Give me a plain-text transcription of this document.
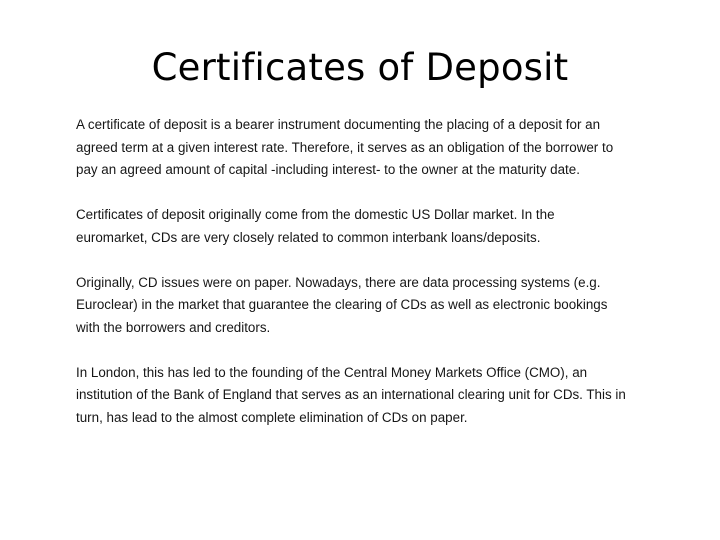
Certificates of Deposit

A certificate of deposit is a bearer instrument documenting the placing of a deposit for an
agreed term at a given interest rate. Therefore, it serves as an obligation of the borrower to
pay an agreed amount of capital -including interest- to the owner at the maturity date.

Certificates of deposit originally come from the domestic US Dollar market. In the
euromarket, CDs are very closely related to common interbank loans/deposits.

Originally, CD issues were on paper. Nowadays, there are data processing systems (e.g.
Euroclear) in the market that guarantee the clearing of CDs as well as electronic bookings
with the borrowers and creditors.

In London, this has led to the founding of the Central Money Markets Office (CMO), an
institution of the Bank of England that serves as an international clearing unit for CDs. This in
turn, has lead to the almost complete elimination of CDs on paper.
